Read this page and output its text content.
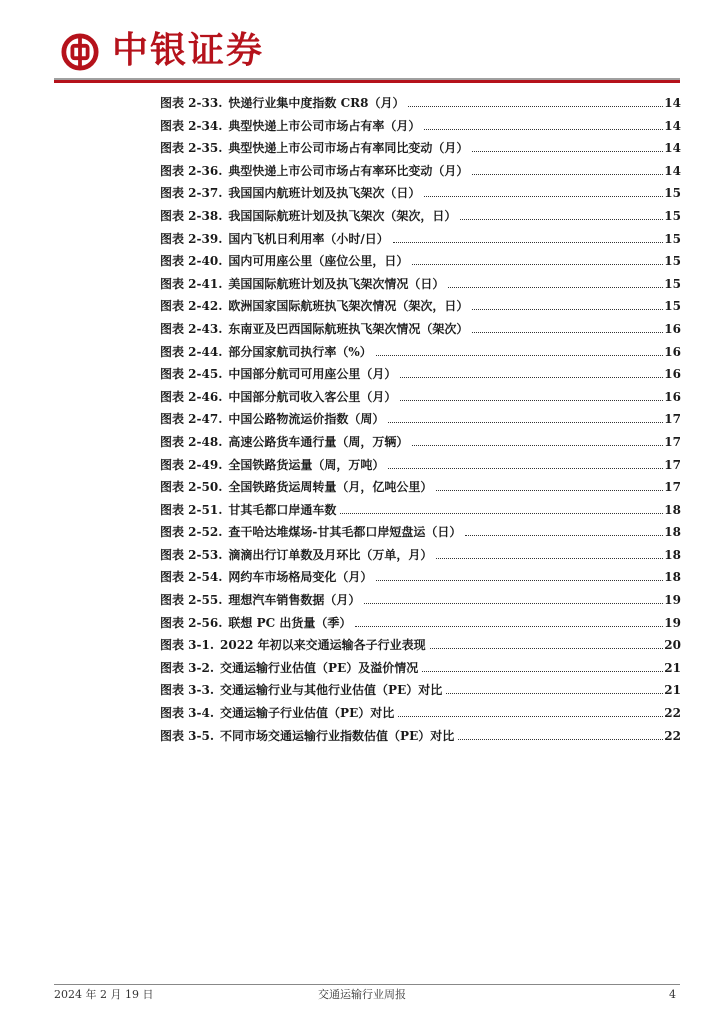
中银证券
图表 2-33. 快递行业集中度指数 CR8（月）	14
图表 2-34. 典型快递上市公司市场占有率（月）	14
图表 2-35. 典型快递上市公司市场占有率同比变动（月）	14
图表 2-36. 典型快递上市公司市场占有率环比变动（月）	14
图表 2-37. 我国国内航班计划及执飞架次（日）	15
图表 2-38. 我国国际航班计划及执飞架次（架次，日）	15
图表 2-39. 国内飞机日利用率（小时/日）	15
图表 2-40. 国内可用座公里（座位公里，日）	15
图表 2-41. 美国国际航班计划及执飞架次情况（日）	15
图表 2-42. 欧洲国家国际航班执飞架次情况（架次，日）	15
图表 2-43. 东南亚及巴西国际航班执飞架次情况（架次）	16
图表 2-44. 部分国家航司执行率（%）	16
图表 2-45. 中国部分航司可用座公里（月）	16
图表 2-46. 中国部分航司收入客公里（月）	16
图表 2-47. 中国公路物流运价指数（周）	17
图表 2-48. 高速公路货车通行量（周，万辆）	17
图表 2-49. 全国铁路货运量（周，万吨）	17
图表 2-50. 全国铁路货运周转量（月，亿吨公里）	17
图表 2-51. 甘其毛都口岸通车数	18
图表 2-52. 查干哈达堆煤场-甘其毛都口岸短盘运（日）	18
图表 2-53. 滴滴出行订单数及月环比（万单，月）	18
图表 2-54. 网约车市场格局变化（月）	18
图表 2-55. 理想汽车销售数据（月）	19
图表 2-56. 联想 PC 出货量（季）	19
图表 3-1. 2022 年初以来交通运输各子行业表现	20
图表 3-2. 交通运输行业估值（PE）及溢价情况	21
图表 3-3. 交通运输行业与其他行业估值（PE）对比	21
图表 3-4. 交通运输子行业估值（PE）对比	22
图表 3-5. 不同市场交通运输行业指数估值（PE）对比	22
2024 年 2 月 19 日	交通运输行业周报	4
